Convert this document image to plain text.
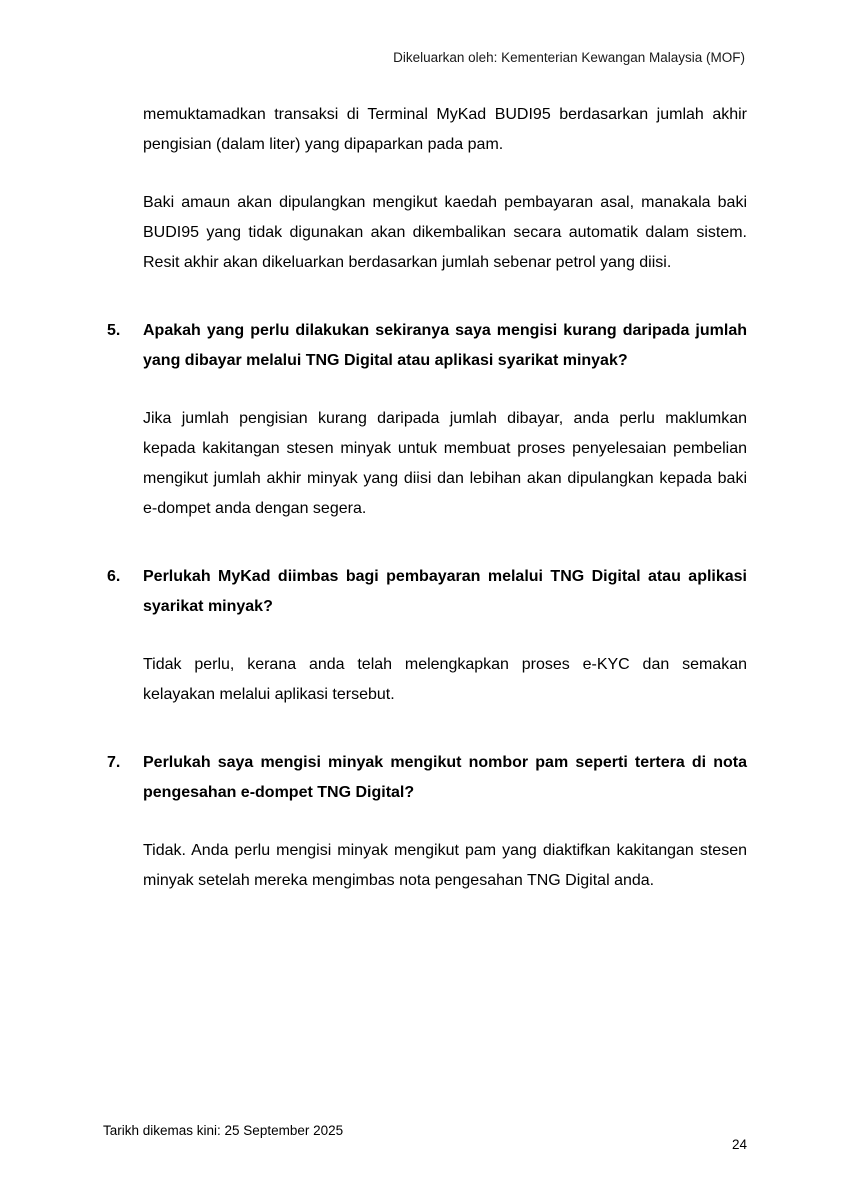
Dikeluarkan oleh: Kementerian Kewangan Malaysia (MOF)

memuktamadkan transaksi di Terminal MyKad BUDI95 berdasarkan jumlah akhir pengisian (dalam liter) yang dipaparkan pada pam.

Baki amaun akan dipulangkan mengikut kaedah pembayaran asal, manakala baki BUDI95 yang tidak digunakan akan dikembalikan secara automatik dalam sistem. Resit akhir akan dikeluarkan berdasarkan jumlah sebenar petrol yang diisi.

5.	Apakah yang perlu dilakukan sekiranya saya mengisi kurang daripada jumlah yang dibayar melalui TNG Digital atau aplikasi syarikat minyak?

Jika jumlah pengisian kurang daripada jumlah dibayar, anda perlu maklumkan kepada kakitangan stesen minyak untuk membuat proses penyelesaian pembelian mengikut jumlah akhir minyak yang diisi dan lebihan akan dipulangkan kepada baki e-dompet anda dengan segera.

6.	Perlukah MyKad diimbas bagi pembayaran melalui TNG Digital atau aplikasi syarikat minyak?

Tidak perlu, kerana anda telah melengkapkan proses e-KYC dan semakan kelayakan melalui aplikasi tersebut.

7.	Perlukah saya mengisi minyak mengikut nombor pam seperti tertera di nota pengesahan e-dompet TNG Digital?

Tidak. Anda perlu mengisi minyak mengikut pam yang diaktifkan kakitangan stesen minyak setelah mereka mengimbas nota pengesahan TNG Digital anda.

Tarikh dikemas kini: 25 September 2025
24
